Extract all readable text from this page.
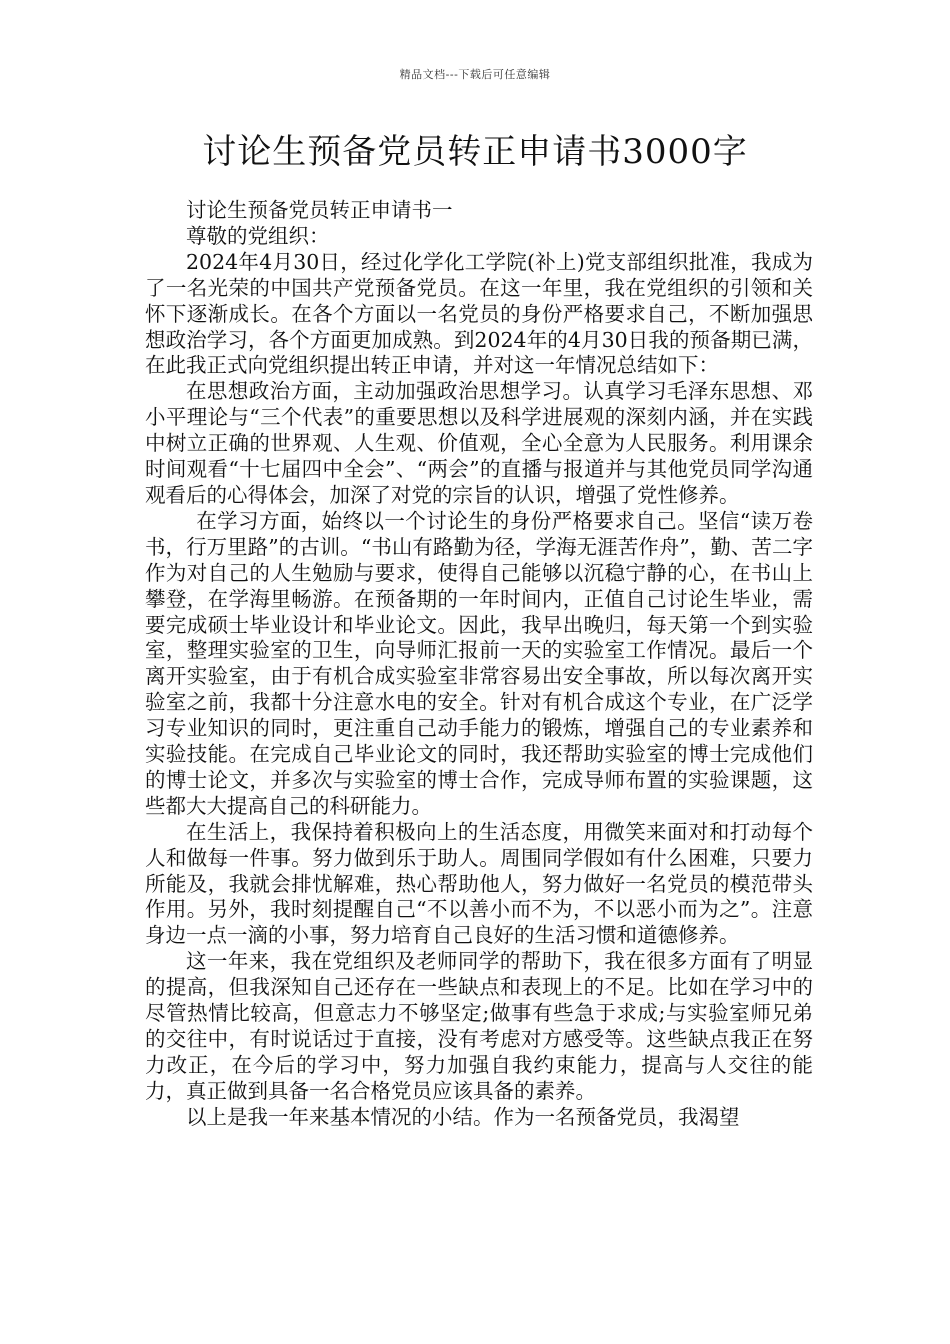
精品文档---下载后可任意编辑
讨论生预备党员转正申请书3000字

讨论生预备党员转正申请书一

尊敬的党组织：

2024年4月30日，经过化学化工学院(补上)党支部组织批准，我成为了一名光荣的中国共产党预备党员。在这一年里，我在党组织的引领和关怀下逐渐成长。在各个方面以一名党员的身份严格要求自己，不断加强思想政治学习，各个方面更加成熟。到2024年的4月30日我的预备期已满，在此我正式向党组织提出转正申请，并对这一年情况总结如下：

在思想政治方面，主动加强政治思想学习。认真学习毛泽东思想、邓小平理论与“三个代表”的重要思想以及科学进展观的深刻内涵，并在实践中树立正确的世界观、人生观、价值观，全心全意为人民服务。利用课余时间观看“十七届四中全会”、“两会”的直播与报道并与其他党员同学沟通观看后的心得体会，加深了对党的宗旨的认识，增强了党性修养。

在学习方面，始终以一个讨论生的身份严格要求自己。坚信“读万卷书，行万里路”的古训。“书山有路勤为径，学海无涯苦作舟”，勤、苦二字作为对自己的人生勉励与要求，使得自己能够以沉稳宁静的心，在书山上攀登，在学海里畅游。在预备期的一年时间内，正值自己讨论生毕业，需要完成硕士毕业设计和毕业论文。因此，我早出晚归，每天第一个到实验室，整理实验室的卫生，向导师汇报前一天的实验室工作情况。最后一个离开实验室，由于有机合成实验室非常容易出安全事故，所以每次离开实验室之前，我都十分注意水电的安全。针对有机合成这个专业，在广泛学习专业知识的同时，更注重自己动手能力的锻炼，增强自己的专业素养和实验技能。在完成自己毕业论文的同时，我还帮助实验室的博士完成他们的博士论文，并多次与实验室的博士合作，完成导师布置的实验课题，这些都大大提高自己的科研能力。

在生活上，我保持着积极向上的生活态度，用微笑来面对和打动每个人和做每一件事。努力做到乐于助人。周围同学假如有什么困难，只要力所能及，我就会排忧解难，热心帮助他人，努力做好一名党员的模范带头作用。另外，我时刻提醒自己“不以善小而不为，不以恶小而为之”。注意身边一点一滴的小事，努力培育自己良好的生活习惯和道德修养。

这一年来，我在党组织及老师同学的帮助下，我在很多方面有了明显的提高，但我深知自己还存在一些缺点和表现上的不足。比如在学习中的尽管热情比较高，但意志力不够坚定;做事有些急于求成;与实验室师兄弟的交往中，有时说话过于直接，没有考虑对方感受等。这些缺点我正在努力改正，在今后的学习中，努力加强自我约束能力，提高与人交往的能力，真正做到具备一名合格党员应该具备的素养。

以上是我一年来基本情况的小结。作为一名预备党员，我渴望
